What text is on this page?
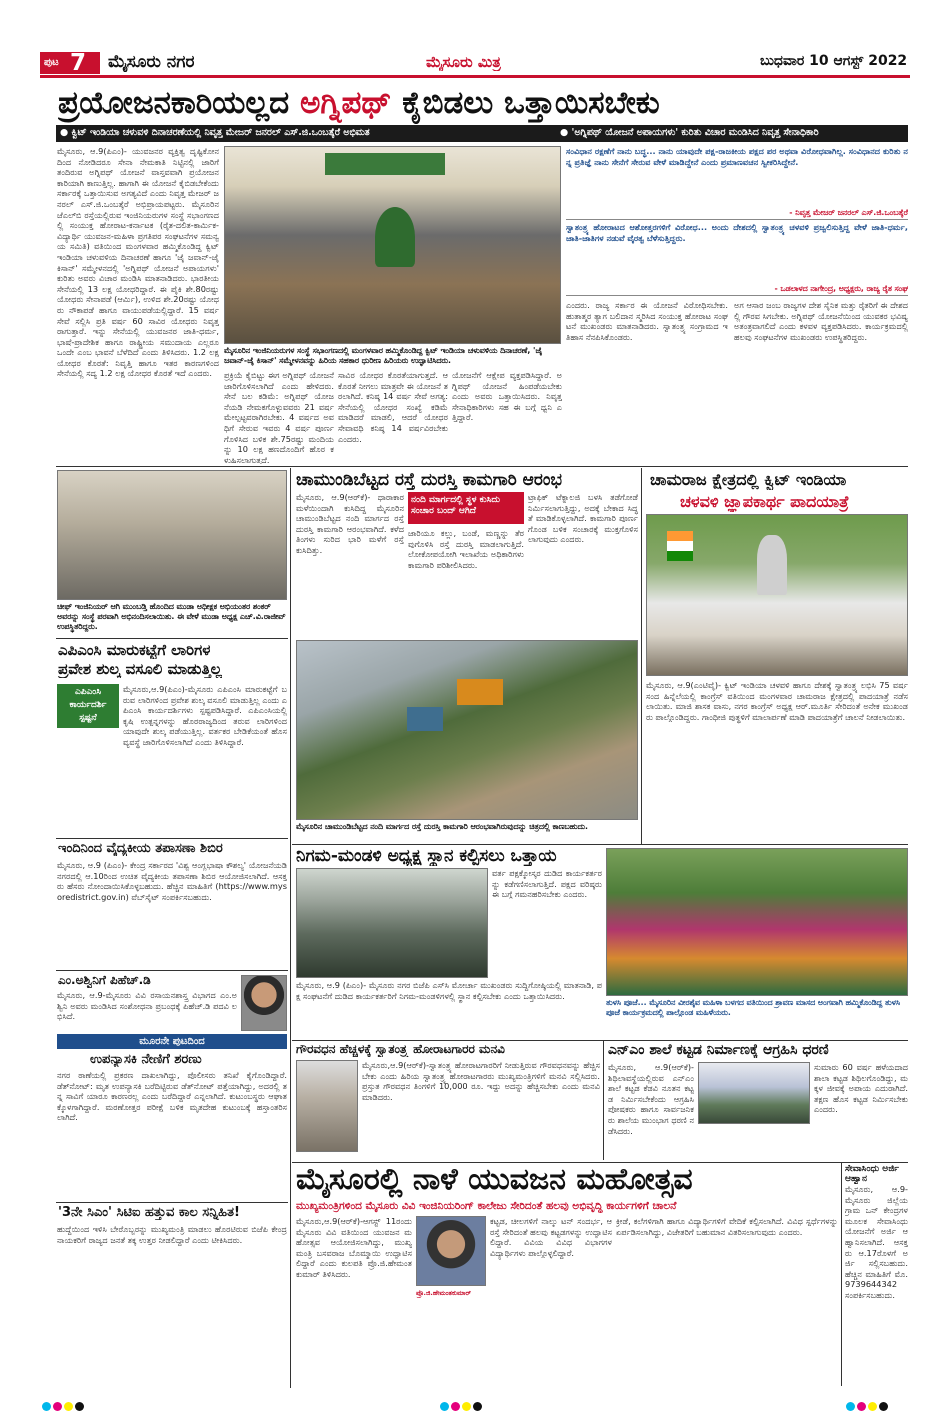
ಪುಟ 7 ಮೈಸೂರು ನಗರ	ಮೈಸೂರು ಮಿತ್ರ	ಬುಧವಾರ 10 ಆಗಸ್ಟ್ 2022
ಪ್ರಯೋಜನಕಾರಿಯಲ್ಲದ ಅಗ್ನಿಪಥ್ ಕೈಬಿಡಲು ಒತ್ತಾಯಿಸಬೇಕು
● ಕ್ವಿಟ್ ಇಂಡಿಯಾ ಚಳುವಳಿ ದಿನಾಚರಣೆಯಲ್ಲಿ ನಿವೃತ್ತ ಮೇಜರ್ ಜನರಲ್ ಎಸ್.ಜಿ.ಒಂಬತ್ಕೆರೆ ಅಭಿಮತ	● 'ಅಗ್ನಿಪಥ್ ಯೋಜನೆ ಅಪಾಯಗಳು' ಕುರಿತು ವಿಚಾರ ಮಂಡಿಸಿದ ನಿವೃತ್ತ ಸೇನಾಧಿಕಾರಿ
ಮೈಸೂರು, ಆ.9(ಪಿಎಂ)- ಯುವಜನರ ವ್ಯಕ್ತಿತ್ವ ದೃಷ್ಟಿಕೋನದಿಂದ ನೋಡಿದರೂ ಸೇನಾ ನೇಮಕಾತಿ ನಿಟ್ಟಿನಲ್ಲಿ ಜಾರಿಗೆ ತಂದಿರುವ ಅಗ್ನಿಪಥ್ ಯೋಜನೆ ವಾಸ್ತವವಾಗಿ ಪ್ರಯೋಜನಕಾರಿಯಾಗಿ ಕಾಣುತ್ತಿಲ್ಲ. ಹಾಗಾಗಿ ಈ ಯೋಜನೆ ಕೈಬಿಡಬೇಕೆಂದು ಸರ್ಕಾರಕ್ಕೆ ಒತ್ತಾಯಿಸುವ ಅಗತ್ಯವಿದೆ ಎಂದು ನಿವೃತ್ತ ಮೇಜರ್ ಜನರಲ್ ಎಸ್.ಜಿ.ಒಂಬತ್ಕೆರೆ ಅಭಿಪ್ರಾಯಪಟ್ಟರು. ಮೈಸೂರಿನ ಜೆಎಲ್‌ಬಿ ರಸ್ತೆಯಲ್ಲಿರುವ ಇಂಜಿನಿಯರುಗಳ ಸಂಸ್ಥೆ ಸಭಾಂಗಣದಲ್ಲಿ ಸಂಯುಕ್ತ ಹೋರಾಟ-ಕರ್ನಾಟಕ (ರೈತ-ದಲಿತ-ಕಾರ್ಮಿಕ-ವಿದ್ಯಾರ್ಥಿ ಯುವಜನ-ಮಹಿಳಾ ಪ್ರಗತಿಪರ ಸಂಘಟನೆಗಳ ಸಮನ್ವಯ ಸಮಿತಿ) ವತಿಯಿಂದ ಮಂಗಳವಾರ ಹಮ್ಮಿಕೊಂಡಿದ್ದ ಕ್ವಿಟ್ ಇಂಡಿಯಾ ಚಳುವಳಿಯ ದಿನಾಚರಣೆ ಹಾಗೂ 'ಜೈ ಜವಾನ್-ಜೈ ಕಿಸಾನ್' ಸಮ್ಮೇಳನದಲ್ಲಿ 'ಅಗ್ನಿಪಥ್ ಯೋಜನೆ ಅಪಾಯಗಳು' ಕುರಿತು ಅವರು ವಿಚಾರ ಮಂಡಿಸಿ ಮಾತನಾಡಿದರು. ಭಾರತೀಯ ಸೇನೆಯಲ್ಲಿ 13 ಲಕ್ಷ ಯೋಧರಿದ್ದಾರೆ. ಈ ಪೈಕಿ ಶೇ.80ರಷ್ಟು ಯೋಧರು ಸೇನಾಪಡೆ (ಆರ್ಮಿ), ಉಳಿದ ಶೇ.20ರಷ್ಟು ಯೋಧರು ನೌಕಾಪಡೆ ಹಾಗೂ ವಾಯುಪಡೆಯಲ್ಲಿದ್ದಾರೆ. 15 ವರ್ಷ ಸೇವೆ ಸಲ್ಲಿಸಿ ಪ್ರತಿ ವರ್ಷ 60 ಸಾವಿರ ಯೋಧರು ನಿವೃತ್ತರಾಗುತ್ತಾರೆ. ಇನ್ನು ಸೇನೆಯಲ್ಲಿ ಯುವಜನರ ಜಾತಿ-ಧರ್ಮ, ಭಾಷೆ-ಪ್ರಾದೇಶಿಕ ಹಾಗೂ ರಾಷ್ಟ್ರೀಯ ಸಮುದಾಯ ಎಲ್ಲರೂ ಒಂದೇ ಎಂಬ ಭಾವನೆ ಬೆಳೆದಿದೆ ಎಂದು ತಿಳಿಸಿದರು. 1.2 ಲಕ್ಷ ಯೋಧರ ಕೊರತೆ: ನಿವೃತ್ತಿ ಹಾಗೂ ಇತರ ಕಾರಣಗಳಿಂದ ಸೇನೆಯಲ್ಲಿ ಸದ್ಯ 1.2 ಲಕ್ಷ ಯೋಧರ ಕೊರತೆ ಇದೆ ಎಂದರು.
ಮೈಸೂರಿನ ಇಂಜಿನಿಯರುಗಳ ಸಂಸ್ಥೆ ಸಭಾಂಗಣದಲ್ಲಿ ಮಂಗಳವಾರ ಹಮ್ಮಿಕೊಂಡಿದ್ದ ಕ್ವಿಟ್ ಇಂಡಿಯಾ ಚಳುವಳಿಯ ದಿನಾಚರಣೆ, 'ಜೈ ಜವಾನ್-ಜೈ ಕಿಸಾನ್' ಸಮ್ಮೇಳನವನ್ನು ಹಿರಿಯ ಸಹಕಾರ ಧುರೀಣ ಹಿರಿಯರು ಉದ್ಘಾಟಿಸಿದರು.
ಪ್ರಕ್ರಿಯೆ ಕೈಬಿಟ್ಟು ಈಗ ಅಗ್ನಿಪಥ್ ಯೋಜನೆ ಜಾರಿಗೊಳಿಸಲಾಗಿದೆ ಎಂದು ಹೇಳಿದರು. ಸೇನೆ ಬಲ ಕಡಿಮೆ: ಅಗ್ನಿಪಥ್ ಯೋಜನೆಯಡಿ ನೇಮಕಗೊಳ್ಳುವವರು 21 ವರ್ಷ ಮೇಲ್ಪಟ್ಟವರಾಗಿರಬೇಕು. 4 ವರ್ಷದ ಅವಧಿಗೆ ಸೇರುವ ಇವರು 4 ವರ್ಷ ಪೂರ್ಣಗೊಳಿಸಿದ ಬಳಿಕ ಶೇ.75ರಷ್ಟು ಮಂದಿಯನ್ನು 10 ಲಕ್ಷ ಹಣದೊಂದಿಗೆ ಹೊರ ಕಳುಹಿಸಲಾಗುತ್ತದೆ.
ಸಾವಿರ ಯೋಧರ ಕೊರತೆಯಾಗುತ್ತದೆ. ಆ ಕೊರತೆ ನೀಗಲು ಮಾತ್ರವೇ ಈ ಯೋಜನೆ ತರಲಾಗಿದೆ. ಕನಿಷ್ಠ 14 ವರ್ಷ ಸೇವೆ ಅಗತ್ಯ: ಸೇನೆಯಲ್ಲಿ ಯೋಧರ ಸಂಖ್ಯೆ ಕಡಿಮೆ ಮಾಡಿದರೆ ಮಾಡಲಿ, ಆದರೆ ಯೋಧರ ಸೇವಾವಧಿ ಕನಿಷ್ಠ 14 ವರ್ಷವಿರಬೇಕು ಎಂದರು.
ಯೋಜನೆಗೆ ಆಕ್ಷೇಪ ವ್ಯಕ್ತಪಡಿಸಿದ್ದಾರೆ. ಅಗ್ನಿಪಥ್ ಯೋಜನೆ ಹಿಂಪಡೆಯಬೇಕು ಎಂದು ಅವರು ಒತ್ತಾಯಿಸಿದರು. ನಿವೃತ್ತ ಸೇನಾಧಿಕಾರಿಗಳು ಸಹ ಈ ಬಗ್ಗೆ ಧ್ವನಿ ಎತ್ತಿದ್ದಾರೆ.
ಸಂವಿಧಾನ ರಕ್ಷಣೆಗೆ ನಾನು ಬದ್ಧ... ನಾನು ಯಾವುದೇ ಪಕ್ಷ-ರಾಜಕೀಯ ಪಕ್ಷದ ಪರ ಅಥವಾ ವಿರೋಧವಾಗಿಲ್ಲ. ಸಂವಿಧಾನದ ಕುರಿತು ನನ್ನ ಪ್ರತಿಜ್ಞೆ ನಾನು ಸೇನೆಗೆ ಸೇರುವ ವೇಳೆ ಮಾಡಿದ್ದೇನೆ ಎಂದು ಪ್ರಮಾಣವಚನ ಸ್ವೀಕರಿಸಿದ್ದೇನೆ.
- ನಿವೃತ್ತ ಮೇಜರ್ ಜನರಲ್ ಎಸ್.ಜಿ.ಒಂಬತ್ಕೆರೆ
ಸ್ವಾತಂತ್ರ್ಯ ಹೋರಾಟದ ಆಶೋತ್ತರಗಳಿಗೆ ವಿರೋಧ... ಅಂದು ದೇಶದಲ್ಲಿ ಸ್ವಾತಂತ್ರ್ಯ ಚಳವಳಿ ಪ್ರಜ್ವಲಿಸುತ್ತಿದ್ದ ವೇಳೆ ಜಾತಿ-ಧರ್ಮ, ಜಾತಿ-ಜಾತಿಗಳ ನಡುವೆ ವೈರತ್ವ ಬೆಳೆಸುತ್ತಿದ್ದರು.
- ಒಡಲಾಳದ ನಾಗೇಂದ್ರ, ಅಧ್ಯಕ್ಷರು, ರಾಜ್ಯ ರೈತ ಸಂಘ
ಎಂದರು. ರಾಜ್ಯ ಸರ್ಕಾರ ಈ ಯೋಜನೆ ವಿರೋಧಿಸಬೇಕು. ಹುತಾತ್ಮರ ತ್ಯಾಗ ಬಲಿದಾನ ಸ್ಮರಿಸಿದ ಸಂಯುಕ್ತ ಹೋರಾಟ ಸಂಘಟನೆ ಮುಖಂಡರು ಮಾತನಾಡಿದರು. ಸ್ವಾತಂತ್ರ್ಯ ಸಂಗ್ರಾಮದ ಇತಿಹಾಸ ನೆನಪಿಸಿಕೊಂಡರು.
ಅಗ ಆಸಾರ ಜಂಬ ರಾಜ್ಯಗಳ ದೇಶ ಸೈನಿಕ ಮತ್ತು ರೈತರಿಗೆ ಈ ದೇಶದಲ್ಲಿ ಗೌರವ ಸಿಗಬೇಕು. ಅಗ್ನಿಪಥ್ ಯೋಜನೆಯಿಂದ ಯುವಕರ ಭವಿಷ್ಯ ಅತಂತ್ರವಾಗಲಿದೆ ಎಂದು ಕಳವಳ ವ್ಯಕ್ತಪಡಿಸಿದರು. ಕಾರ್ಯಕ್ರಮದಲ್ಲಿ ಹಲವು ಸಂಘಟನೆಗಳ ಮುಖಂಡರು ಉಪಸ್ಥಿತರಿದ್ದರು.
ಚೀಫ್ ಇಂಜಿನಿಯರ್ ಆಗಿ ಮುಂಬಡ್ತಿ ಹೊಂದಿದ ಮುಡಾ ಅಧೀಕ್ಷಕ ಅಭಿಯಂತರ ಶಂಕರ್ ಅವರನ್ನು ಸಂಸ್ಥೆ ಪರವಾಗಿ ಅಭಿನಂದಿಸಲಾಯಿತು. ಈ ವೇಳೆ ಮುಡಾ ಅಧ್ಯಕ್ಷ ಎಚ್.ವಿ.ರಾಜೀವ್ ಉಪಸ್ಥಿತರಿದ್ದರು.
ಎಪಿಎಂಸಿ ಮಾರುಕಟ್ಟೆಗೆ ಲಾರಿಗಳ
ಪ್ರವೇಶ ಶುಲ್ಕ ವಸೂಲಿ ಮಾಡುತ್ತಿಲ್ಲ
ಎಪಿಎಂಸಿ
ಕಾರ್ಯದರ್ಶಿ
ಸ್ಪಷ್ಟನೆ
ಮೈಸೂರು,ಆ.9(ಪಿಎಂ)-ಮೈಸೂರು ಎಪಿಎಂಸಿ ಮಾರುಕಟ್ಟೆಗೆ ಬರುವ ಲಾರಿಗಳಿಂದ ಪ್ರವೇಶ ಶುಲ್ಕ ವಸೂಲಿ ಮಾಡುತ್ತಿಲ್ಲ ಎಂದು ಎಪಿಎಂಸಿ ಕಾರ್ಯದರ್ಶಿಗಳು ಸ್ಪಷ್ಟಪಡಿಸಿದ್ದಾರೆ. ಎಪಿಎಂಸಿಯಲ್ಲಿ ಕೃಷಿ ಉತ್ಪನ್ನಗಳನ್ನು ಹೊರರಾಜ್ಯದಿಂದ ತರುವ ಲಾರಿಗಳಿಂದ ಯಾವುದೇ ಶುಲ್ಕ ಪಡೆಯುತ್ತಿಲ್ಲ. ವರ್ತಕರ ಬೇಡಿಕೆಯಂತೆ ಹೊಸ ವ್ಯವಸ್ಥೆ ಜಾರಿಗೊಳಿಸಲಾಗಿದೆ ಎಂದು ತಿಳಿಸಿದ್ದಾರೆ.
ಇಂದಿನಿಂದ ವೈದ್ಯಕೀಯ ತಪಾಸಣಾ ಶಿಬಿರ
ಮೈಸೂರು, ಆ.9 (ಪಿಎಂ)- ಕೇಂದ್ರ ಸರ್ಕಾರದ 'ವಿಶ್ವ ಆಂಗ್ಲಭಾಷಾ ಕೌಶಲ್ಯ' ಯೋಜನೆಯಡಿ ನಗರದಲ್ಲಿ ಆ.10ರಿಂದ ಉಚಿತ ವೈದ್ಯಕೀಯ ತಪಾಸಣಾ ಶಿಬಿರ ಆಯೋಜಿಸಲಾಗಿದೆ. ಆಸಕ್ತರು ಹೆಸರು ನೋಂದಾಯಿಸಿಕೊಳ್ಳಬಹುದು. ಹೆಚ್ಚಿನ ಮಾಹಿತಿಗೆ (https://www.mysoredistrict.gov.in) ವೆಬ್‌ಸೈಟ್ ಸಂಪರ್ಕಿಸಬಹುದು.
ಎಂ.ಅಶ್ವಿನಿಗೆ ಪಿಹೆಚ್.ಡಿ
ಮೈಸೂರು, ಆ.9-ಮೈಸೂರು ವಿವಿ ರಸಾಯನಶಾಸ್ತ್ರ ವಿಭಾಗದ ಎಂ.ಅಶ್ವಿನಿ ಅವರು ಮಂಡಿಸಿದ ಸಂಶೋಧನಾ ಪ್ರಬಂಧಕ್ಕೆ ಪಿಹೆಚ್.ಡಿ ಪದವಿ ಲಭಿಸಿದೆ.
ಮೂರನೇ ಪುಟದಿಂದ
ಉಪನ್ಯಾಸಕಿ ನೇಣಿಗೆ ಶರಣು
ನಗರ ಠಾಣೆಯಲ್ಲಿ ಪ್ರಕರಣ ದಾಖಲಾಗಿದ್ದು, ಪೊಲೀಸರು ತನಿಖೆ ಕೈಗೊಂಡಿದ್ದಾರೆ. ಡೆತ್‌ನೋಟ್: ಮೃತ ಉಪನ್ಯಾಸಕಿ ಬರೆದಿಟ್ಟಿರುವ ಡೆತ್‌ನೋಟ್ ಪತ್ತೆಯಾಗಿದ್ದು, ಅದರಲ್ಲಿ ತನ್ನ ಸಾವಿಗೆ ಯಾರೂ ಕಾರಣರಲ್ಲ ಎಂದು ಬರೆದಿದ್ದಾರೆ ಎನ್ನಲಾಗಿದೆ. ಕುಟುಂಬಸ್ಥರು ಆಘಾತಕ್ಕೊಳಗಾಗಿದ್ದಾರೆ. ಮರಣೋತ್ತರ ಪರೀಕ್ಷೆ ಬಳಿಕ ಮೃತದೇಹ ಕುಟುಂಬಕ್ಕೆ ಹಸ್ತಾಂತರಿಸಲಾಗಿದೆ.
'3ನೇ ಸಿಎಂ' ಸಿಟಿಐ ಹತ್ತುವ ಕಾಲ ಸನ್ನಿಹಿತ!
ಹುದ್ದೆಯಿಂದ ಇಳಿಸಿ ಬೇರೊಬ್ಬರನ್ನು ಮುಖ್ಯಮಂತ್ರಿ ಮಾಡಲು ಹೊರಟಿರುವ ಬಿಜೆಪಿ ಕೇಂದ್ರ ನಾಯಕರಿಗೆ ರಾಜ್ಯದ ಜನತೆ ತಕ್ಕ ಉತ್ತರ ನೀಡಲಿದ್ದಾರೆ ಎಂದು ಟೀಕಿಸಿದರು.
ಚಾಮುಂಡಿಬೆಟ್ಟದ ರಸ್ತೆ ದುರಸ್ತಿ ಕಾಮಗಾರಿ ಆರಂಭ
ಮೈಸೂರು, ಆ.9(ಆರ್‌ಕೆ)- ಧಾರಾಕಾರ ಮಳೆಯಿಂದಾಗಿ ಕುಸಿದಿದ್ದ ಮೈಸೂರಿನ ಚಾಮುಂಡಿಬೆಟ್ಟದ ನಂದಿ ಮಾರ್ಗದ ರಸ್ತೆ ದುರಸ್ತಿ ಕಾಮಗಾರಿ ಆರಂಭವಾಗಿದೆ. ಕಳೆದ ತಿಂಗಳು ಸುರಿದ ಭಾರಿ ಮಳೆಗೆ ರಸ್ತೆ ಕುಸಿದಿತ್ತು.
ನಂದಿ ಮಾರ್ಗದಲ್ಲಿ ಸ್ಥಳ ಕುಸಿದು ಸಂಚಾರ ಬಂದ್ ಆಗಿದೆ
ಜಾರಿಯೂ ಕಲ್ಲು, ಬಂಡೆ, ಮಣ್ಣನ್ನು ತೆರವುಗೊಳಿಸಿ ರಸ್ತೆ ದುರಸ್ತಿ ಮಾಡಲಾಗುತ್ತಿದೆ. ಲೋಕೋಪಯೋಗಿ ಇಲಾಖೆಯ ಅಧಿಕಾರಿಗಳು ಕಾಮಗಾರಿ ಪರಿಶೀಲಿಸಿದರು.
ಟ್ರಾಫಿಕ್ ಟೆಕ್ನಾಲಜಿ ಬಳಸಿ ತಡೆಗೋಡೆ ನಿರ್ಮಿಸಲಾಗುತ್ತಿದ್ದು, ಅದಕ್ಕೆ ಬೇಕಾದ ಸಿದ್ಧತೆ ಮಾಡಿಕೊಳ್ಳಲಾಗಿದೆ. ಕಾಮಗಾರಿ ಪೂರ್ಣಗೊಂಡ ಬಳಿಕ ಸಂಚಾರಕ್ಕೆ ಮುಕ್ತಗೊಳಿಸಲಾಗುವುದು ಎಂದರು.
ಮೈಸೂರಿನ ಚಾಮುಂಡಿಬೆಟ್ಟದ ನಂದಿ ಮಾರ್ಗದ ರಸ್ತೆ ದುರಸ್ತಿ ಕಾಮಗಾರಿ ಆರಂಭವಾಗಿರುವುದನ್ನು ಚಿತ್ರದಲ್ಲಿ ಕಾಣಬಹುದು.
ಚಾಮರಾಜ ಕ್ಷೇತ್ರದಲ್ಲಿ ಕ್ವಿಟ್ ಇಂಡಿಯಾ
ಚಳವಳಿ ಜ್ಞಾಪಕಾರ್ಥ ಪಾದಯಾತ್ರೆ
ಮೈಸೂರು, ಆ.9(ಎಂಟಿವೈ)- ಕ್ವಿಟ್ ಇಂಡಿಯಾ ಚಳವಳಿ ಹಾಗೂ ದೇಶಕ್ಕೆ ಸ್ವಾತಂತ್ರ್ಯ ಲಭಿಸಿ 75 ವರ್ಷ ಸಂದ ಹಿನ್ನೆಲೆಯಲ್ಲಿ ಕಾಂಗ್ರೆಸ್ ವತಿಯಿಂದ ಮಂಗಳವಾರ ಚಾಮರಾಜ ಕ್ಷೇತ್ರದಲ್ಲಿ ಪಾದಯಾತ್ರೆ ನಡೆಸಲಾಯಿತು. ಮಾಜಿ ಶಾಸಕ ವಾಸು, ನಗರ ಕಾಂಗ್ರೆಸ್ ಅಧ್ಯಕ್ಷ ಆರ್.ಮೂರ್ತಿ ಸೇರಿದಂತೆ ಅನೇಕ ಮುಖಂಡರು ಪಾಲ್ಗೊಂಡಿದ್ದರು. ಗಾಂಧೀಜಿ ಪುತ್ಥಳಿಗೆ ಮಾಲಾರ್ಪಣೆ ಮಾಡಿ ಪಾದಯಾತ್ರೆಗೆ ಚಾಲನೆ ನೀಡಲಾಯಿತು.
ನಿಗಮ-ಮಂಡಳಿ ಅಧ್ಯಕ್ಷ ಸ್ಥಾನ ಕಲ್ಪಿಸಲು ಒತ್ತಾಯ
ವರ್ತ ಪಕ್ಷಕ್ಕೋಸ್ಕರ ದುಡಿದ ಕಾರ್ಯಕರ್ತರನ್ನು ಕಡೆಗಣಿಸಲಾಗುತ್ತಿದೆ. ಪಕ್ಷದ ವರಿಷ್ಠರು ಈ ಬಗ್ಗೆ ಗಮನಹರಿಸಬೇಕು ಎಂದರು.
ಮೈಸೂರು, ಆ.9 (ಪಿಎಂ)- ಮೈಸೂರು ನಗರ ಬಿಜೆಪಿ ಎಸ್‌ಸಿ ಮೋರ್ಚಾ ಮುಖಂಡರು ಸುದ್ದಿಗೋಷ್ಠಿಯಲ್ಲಿ ಮಾತನಾಡಿ, ಪಕ್ಷ ಸಂಘಟನೆಗೆ ದುಡಿದ ಕಾರ್ಯಕರ್ತರಿಗೆ ನಿಗಮ-ಮಂಡಳಿಗಳಲ್ಲಿ ಸ್ಥಾನ ಕಲ್ಪಿಸಬೇಕು ಎಂದು ಒತ್ತಾಯಿಸಿದರು.
ತುಳಸಿ ಪೂಜೆ... ಮೈಸೂರಿನ ವೀರಶೈವ ಮಹಿಳಾ ಬಳಗದ ವತಿಯಿಂದ ಶ್ರಾವಣ ಮಾಸದ ಅಂಗವಾಗಿ ಹಮ್ಮಿಕೊಂಡಿದ್ದ ತುಳಸಿ ಪೂಜೆ ಕಾರ್ಯಕ್ರಮದಲ್ಲಿ ಪಾಲ್ಗೊಂಡ ಮಹಿಳೆಯರು.
ಗೌರವಧನ ಹೆಚ್ಚಳಕ್ಕೆ ಸ್ವಾತಂತ್ರ್ಯ ಹೋರಾಟಗಾರರ ಮನವಿ
ಮೈಸೂರು,ಆ.9(ಆರ್‌ಕೆ)-ಸ್ವಾತಂತ್ರ್ಯ ಹೋರಾಟಗಾರರಿಗೆ ನೀಡುತ್ತಿರುವ ಗೌರವಧನವನ್ನು ಹೆಚ್ಚಿಸಬೇಕು ಎಂದು ಹಿರಿಯ ಸ್ವಾತಂತ್ರ್ಯ ಹೋರಾಟಗಾರರು ಮುಖ್ಯಮಂತ್ರಿಗಳಿಗೆ ಮನವಿ ಸಲ್ಲಿಸಿದರು. ಪ್ರಸ್ತುತ ಗೌರವಧನ ತಿಂಗಳಿಗೆ 10,000 ರೂ. ಇದ್ದು ಅದನ್ನು ಹೆಚ್ಚಿಸಬೇಕು ಎಂದು ಮನವಿ ಮಾಡಿದರು.
ಎನ್‌ಎಂ ಶಾಲೆ ಕಟ್ಟಡ ನಿರ್ಮಾಣಕ್ಕೆ ಆಗ್ರಹಿಸಿ ಧರಣಿ
ಮೈಸೂರು, ಆ.9(ಆರ್‌ಕೆ)-ಶಿಥಿಲಾವಸ್ಥೆಯಲ್ಲಿರುವ ಎನ್‌ಎಂ ಶಾಲೆ ಕಟ್ಟಡ ಕೆಡವಿ ನೂತನ ಕಟ್ಟಡ ನಿರ್ಮಿಸಬೇಕೆಂದು ಆಗ್ರಹಿಸಿ ಪೋಷಕರು ಹಾಗೂ ಸಾರ್ವಜನಿಕರು ಶಾಲೆಯ ಮುಂಭಾಗ ಧರಣಿ ನಡೆಸಿದರು.
ಸುಮಾರು 60 ವರ್ಷ ಹಳೆಯದಾದ ಶಾಲಾ ಕಟ್ಟಡ ಶಿಥಿಲಗೊಂಡಿದ್ದು, ಮಕ್ಕಳ ಜೀವಕ್ಕೆ ಅಪಾಯ ಎದುರಾಗಿದೆ. ತಕ್ಷಣ ಹೊಸ ಕಟ್ಟಡ ನಿರ್ಮಿಸಬೇಕು ಎಂದರು.
ಮೈಸೂರಲ್ಲಿ ನಾಳೆ ಯುವಜನ ಮಹೋತ್ಸವ
ಮುಖ್ಯಮಂತ್ರಿಗಳಿಂದ ಮೈಸೂರು ವಿವಿ ಇಂಜಿನಿಯರಿಂಗ್ ಕಾಲೇಜು ಸೇರಿದಂತೆ ಹಲವು ಅಭಿವೃದ್ಧಿ ಕಾರ್ಯಗಳಿಗೆ ಚಾಲನೆ
ಮೈಸೂರು,ಆ.9(ಆರ್‌ಕೆ)-ಆಗಸ್ಟ್ 11ರಂದು ಮೈಸೂರು ವಿವಿ ವತಿಯಿಂದ ಯುವಜನ ಮಹೋತ್ಸವ ಆಯೋಜಿಸಲಾಗಿದ್ದು, ಮುಖ್ಯಮಂತ್ರಿ ಬಸವರಾಜ ಬೊಮ್ಮಾಯಿ ಉದ್ಘಾಟಿಸಲಿದ್ದಾರೆ ಎಂದು ಕುಲಪತಿ ಪ್ರೊ.ಜಿ.ಹೇಮಂತಕುಮಾರ್ ತಿಳಿಸಿದರು.
ಪ್ರೊ.ಜಿ.ಹೇಮಂತಕುಮಾರ್
ಕಟ್ಟಡ, ಚೀಲಗಳಿಗೆ ನಾಲ್ಕು ಟನ್ ಸಂದರ್ಭ, ಆ ರಸ್ತೆ ಸೇರಿದಂತೆ ಹಲವು ಕಟ್ಟಡಗಳನ್ನು ಉದ್ಘಾಟಿಸಲಿದ್ದಾರೆ. ವಿವಿಯ ವಿವಿಧ ವಿಭಾಗಗಳ ವಿದ್ಯಾರ್ಥಿಗಳು ಪಾಲ್ಗೊಳ್ಳಲಿದ್ದಾರೆ.
ಕ್ರೀಡೆ, ಕಲೆಗಳಿಗಾಗಿ ಹಾಗೂ ವಿದ್ಯಾರ್ಥಿಗಳಿಗೆ ವೇದಿಕೆ ಕಲ್ಪಿಸಲಾಗಿದೆ. ವಿವಿಧ ಸ್ಪರ್ಧೆಗಳನ್ನು ಏರ್ಪಡಿಸಲಾಗಿದ್ದು, ವಿಜೇತರಿಗೆ ಬಹುಮಾನ ವಿತರಿಸಲಾಗುವುದು ಎಂದರು.
ಸೇವಾಸಿಂಧು ಅರ್ಜಿ ಆಹ್ವಾನ
ಮೈಸೂರು, ಆ.9- ಮೈಸೂರು ಜಿಲ್ಲೆಯ ಗ್ರಾಮ ಒನ್ ಕೇಂದ್ರಗಳ ಮೂಲಕ ಸೇವಾಸಿಂಧು ಯೋಜನೆಗೆ ಅರ್ಜಿ ಆಹ್ವಾನಿಸಲಾಗಿದೆ. ಆಸಕ್ತರು ಆ.17ರೊಳಗೆ ಅರ್ಜಿ ಸಲ್ಲಿಸಬಹುದು. ಹೆಚ್ಚಿನ ಮಾಹಿತಿಗೆ ಮೊ.9739644342 ಸಂಪರ್ಕಿಸಬಹುದು.
